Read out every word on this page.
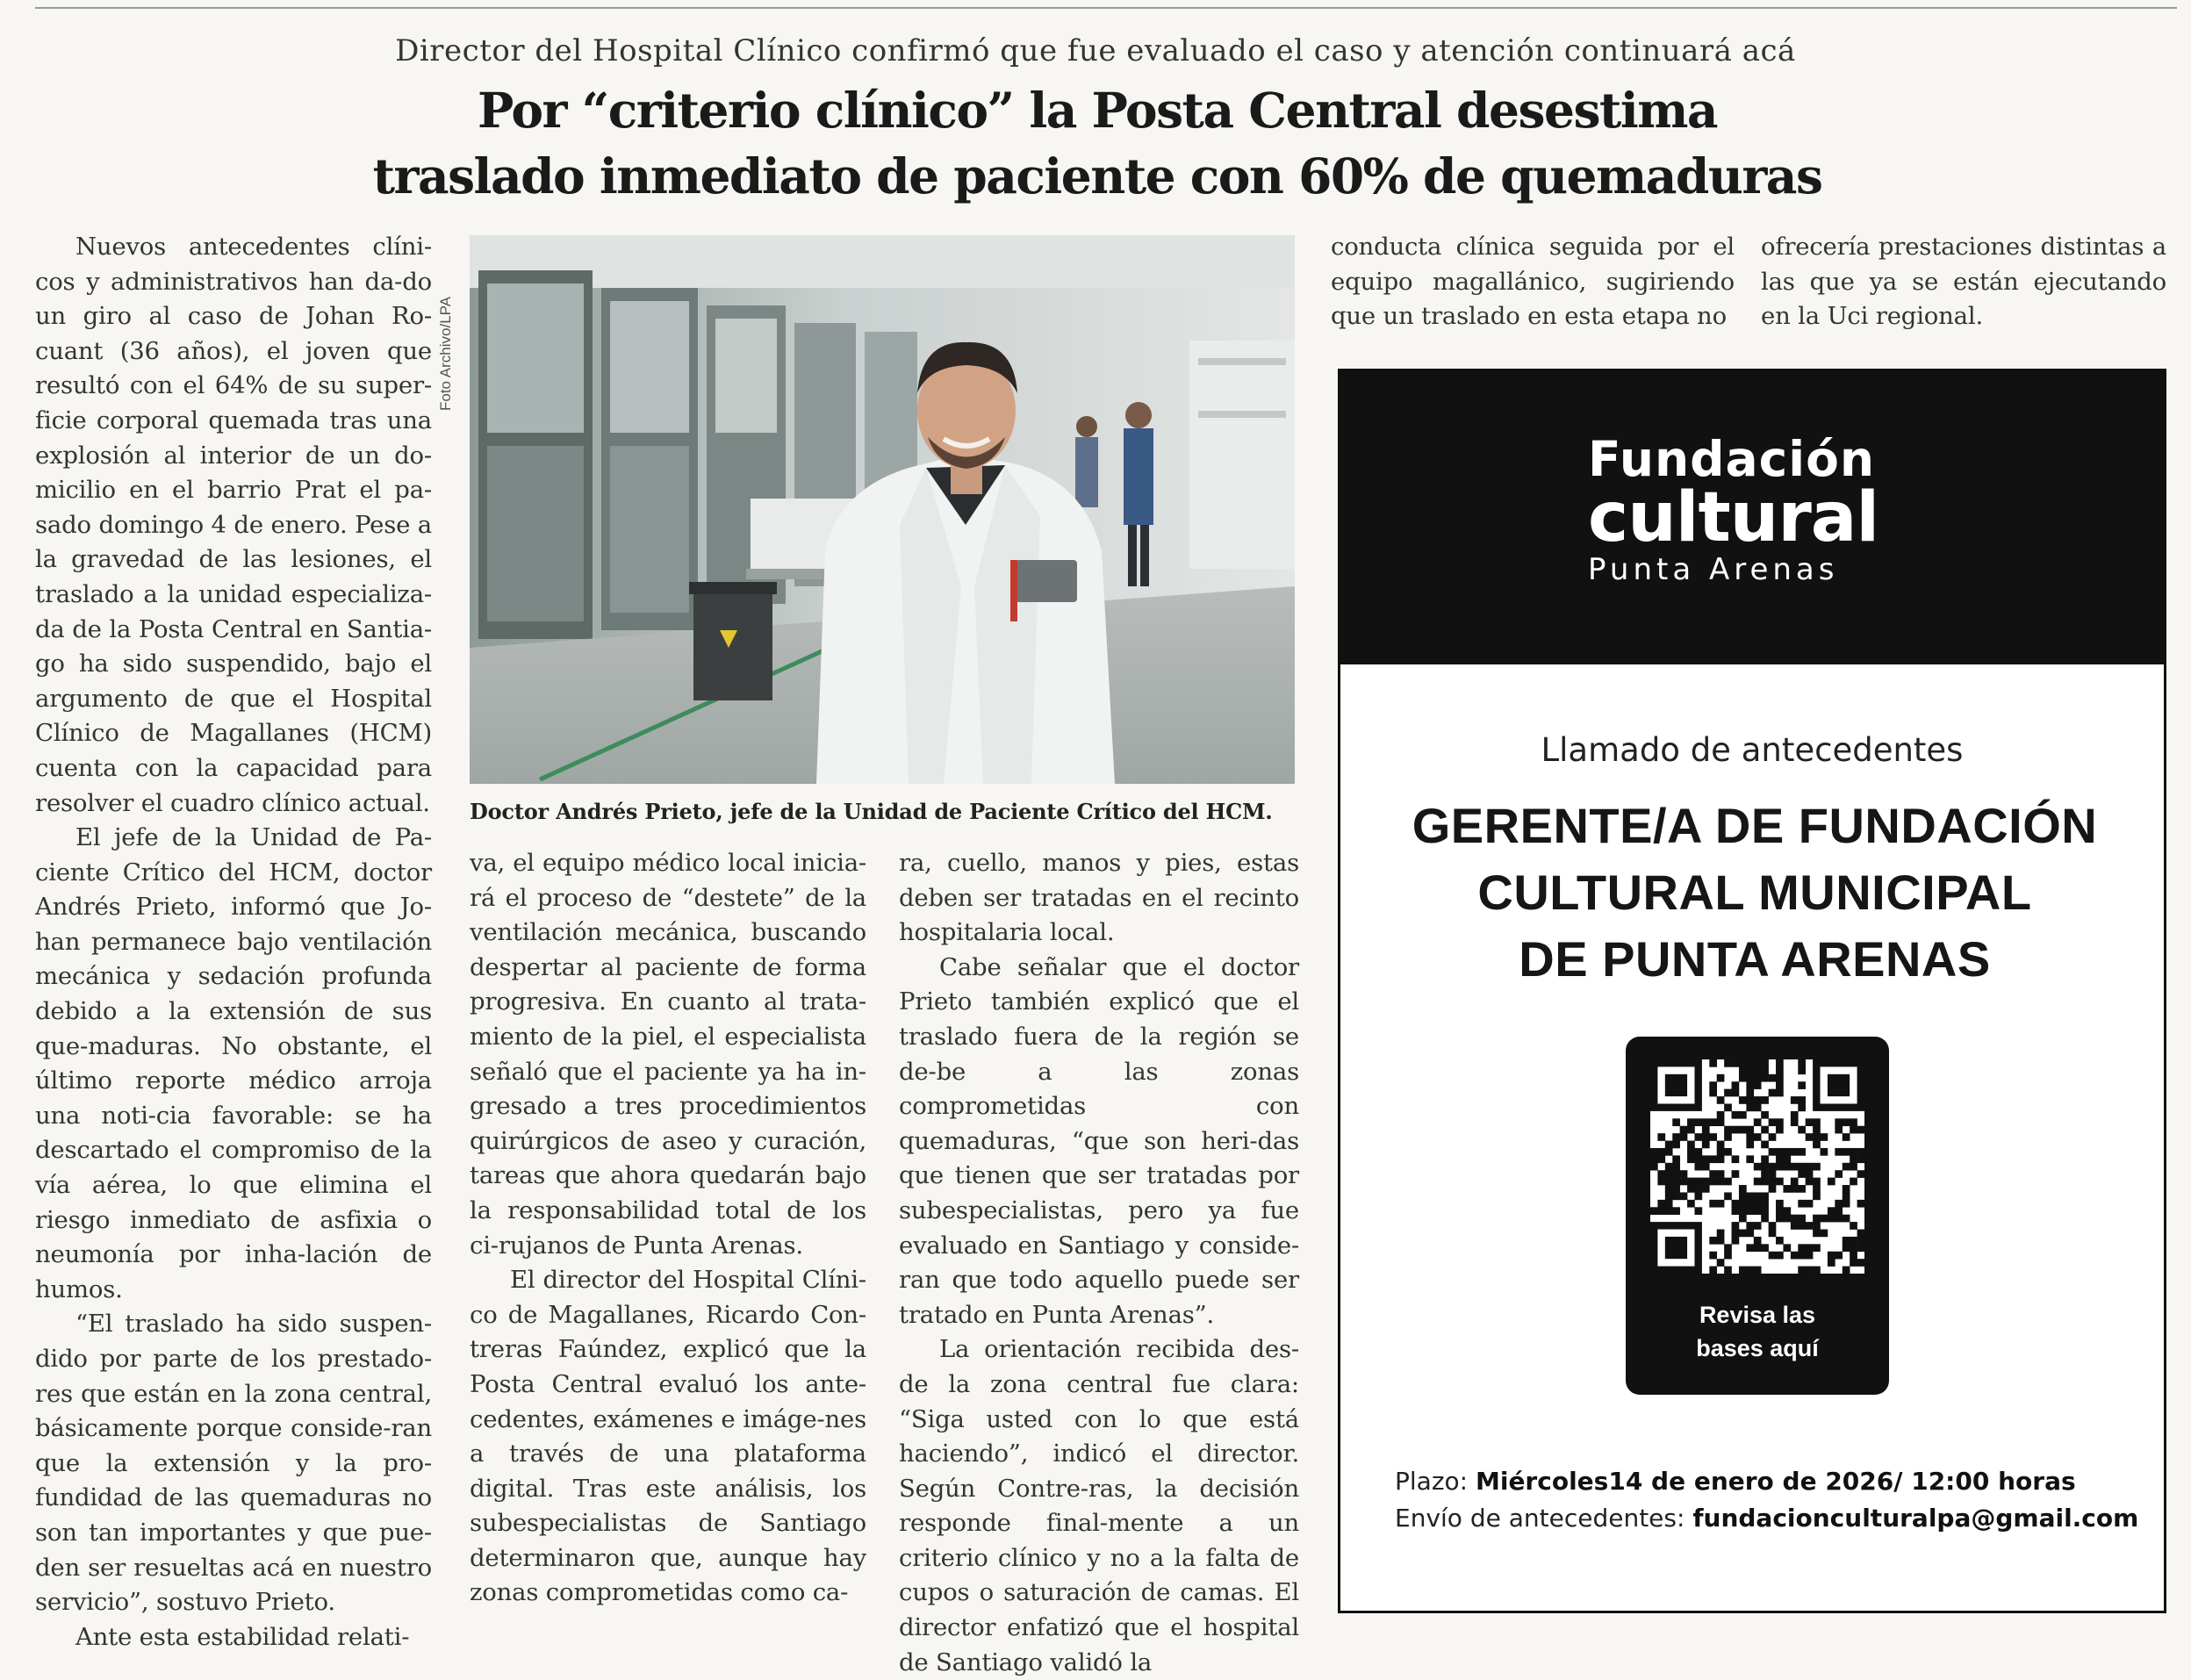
Director del Hospital Clínico confirmó que fue evaluado el caso y atención continuará acá
Por “criterio clínico” la Posta Central desestima
traslado inmediato de paciente con 60% de quemaduras

Nuevos antecedentes clíni-cos y administrativos han da-do un giro al caso de Johan Ro-cuant (36 años), el joven que resultó con el 64% de su super-ficie corporal quemada tras una explosión al interior de un do-micilio en el barrio Prat el pa-sado domingo 4 de enero. Pese a la gravedad de las lesiones, el traslado a la unidad especializa-da de la Posta Central en Santia-go ha sido suspendido, bajo el argumento de que el Hospital Clínico de Magallanes (HCM) cuenta con la capacidad para resolver el cuadro clínico actual.

El jefe de la Unidad de Pa-ciente Crítico del HCM, doctor Andrés Prieto, informó que Jo-han permanece bajo ventilación mecánica y sedación profunda debido a la extensión de sus que-maduras. No obstante, el último reporte médico arroja una noti-cia favorable: se ha descartado el compromiso de la vía aérea, lo que elimina el riesgo inmediato de asfixia o neumonía por inha-lación de humos.

“El traslado ha sido suspen-dido por parte de los prestado-res que están en la zona central, básicamente porque conside-ran que la extensión y la pro-fundidad de las quemaduras no son tan importantes y que pue-den ser resueltas acá en nuestro servicio”, sostuvo Prieto.

Ante esta estabilidad relati-

Foto Archivo/LPA
Doctor Andrés Prieto, jefe de la Unidad de Paciente Crítico del HCM.

va, el equipo médico local inicia-rá el proceso de “destete” de la ventilación mecánica, buscando despertar al paciente de forma progresiva. En cuanto al trata-miento de la piel, el especialista señaló que el paciente ya ha in-gresado a tres procedimientos quirúrgicos de aseo y curación, tareas que ahora quedarán bajo la responsabilidad total de los ci-rujanos de Punta Arenas.

El director del Hospital Clíni-co de Magallanes, Ricardo Con-treras Faúndez, explicó que la Posta Central evaluó los ante-cedentes, exámenes e imáge-nes a través de una plataforma digital. Tras este análisis, los subespecialistas de Santiago determinaron que, aunque hay zonas comprometidas como ca-

ra, cuello, manos y pies, estas deben ser tratadas en el recinto hospitalaria local.

Cabe señalar que el doctor Prieto también explicó que el traslado fuera de la región se de-be a las zonas comprometidas con quemaduras, “que son heri-das que tienen que ser tratadas por subespecialistas, pero ya fue evaluado en Santiago y conside-ran que todo aquello puede ser tratado en Punta Arenas”.

La orientación recibida des-de la zona central fue clara: “Siga usted con lo que está haciendo”, indicó el director. Según Contre-ras, la decisión responde final-mente a un criterio clínico y no a la falta de cupos o saturación de camas. El director enfatizó que el hospital de Santiago validó la

conducta clínica seguida por el equipo magallánico, sugiriendo que un traslado en esta etapa no

ofrecería prestaciones distintas a las que ya se están ejecutando en la Uci regional.

Fundación
cultural
Punta Arenas
Llamado de antecedentes
GERENTE/A DE FUNDACIÓN
CULTURAL MUNICIPAL
DE PUNTA ARENAS
Revisa las
bases aquí
Plazo: Miércoles14 de enero de 2026/ 12:00 horas
Envío de antecedentes: fundacionculturalpa@gmail.com
